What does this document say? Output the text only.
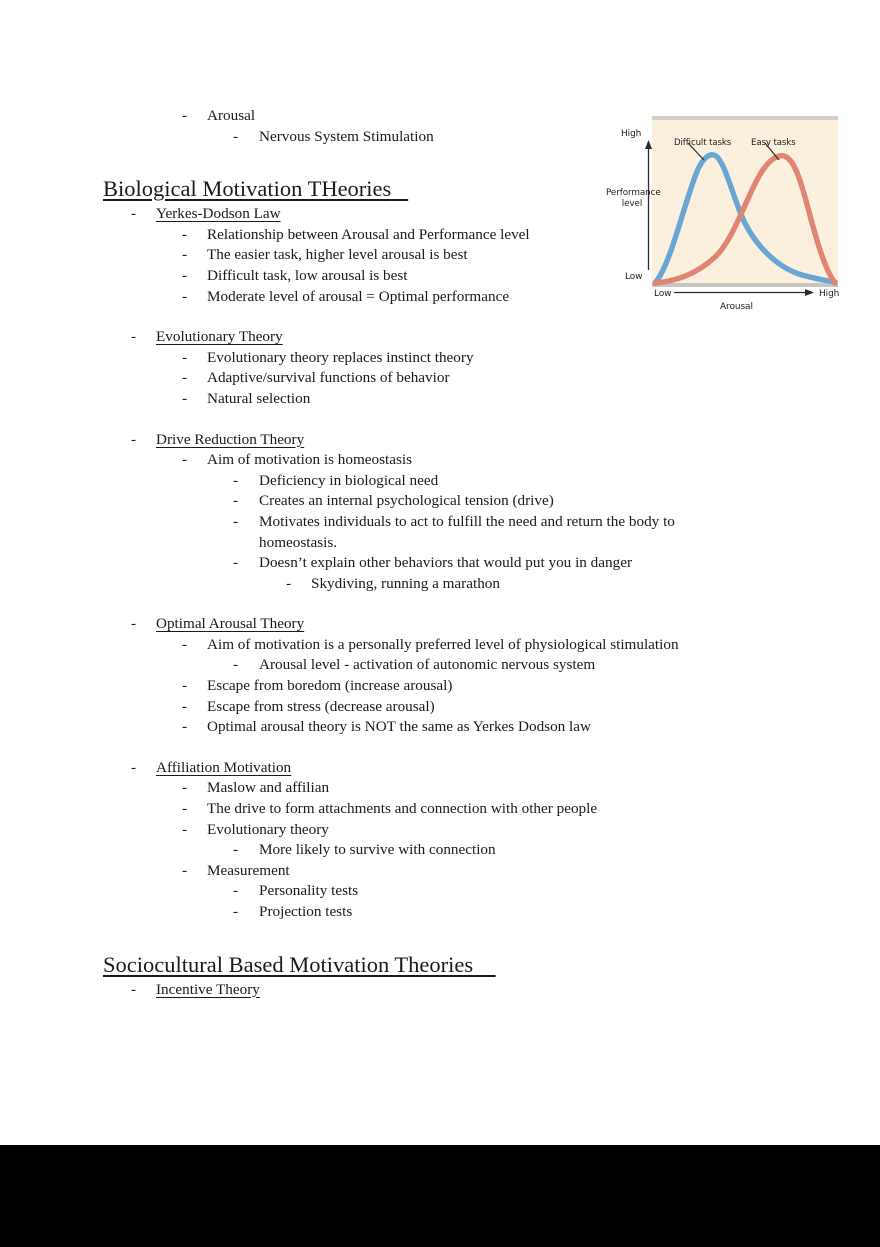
Difficult tasks Easy tasks
High
Low
Performance level
Low	High
Arousal
- Arousal
- Nervous System Stimulation
Biological Motivation THeories
- Yerkes-Dodson Law
- Relationship between Arousal and Performance level
- The easier task, higher level arousal is best
- Difficult task, low arousal is best
- Moderate level of arousal = Optimal performance
- Evolutionary Theory
- Evolutionary theory replaces instinct theory
- Adaptive/survival functions of behavior
- Natural selection
- Drive Reduction Theory
- Aim of motivation is homeostasis
- Deficiency in biological need
- Creates an internal psychological tension (drive)
- Motivates individuals to act to fulfill the need and return the body to homeostasis.
- Doesn’t explain other behaviors that would put you in danger
- Skydiving, running a marathon
- Optimal Arousal Theory
- Aim of motivation is a personally preferred level of physiological stimulation
- Arousal level - activation of autonomic nervous system
- Escape from boredom (increase arousal)
- Escape from stress (decrease arousal)
- Optimal arousal theory is NOT the same as Yerkes Dodson law
- Affiliation Motivation
- Maslow and affilian
- The drive to form attachments and connection with other people
- Evolutionary theory
- More likely to survive with connection
- Measurement
- Personality tests
- Projection tests
Sociocultural Based Motivation Theories
- Incentive Theory
